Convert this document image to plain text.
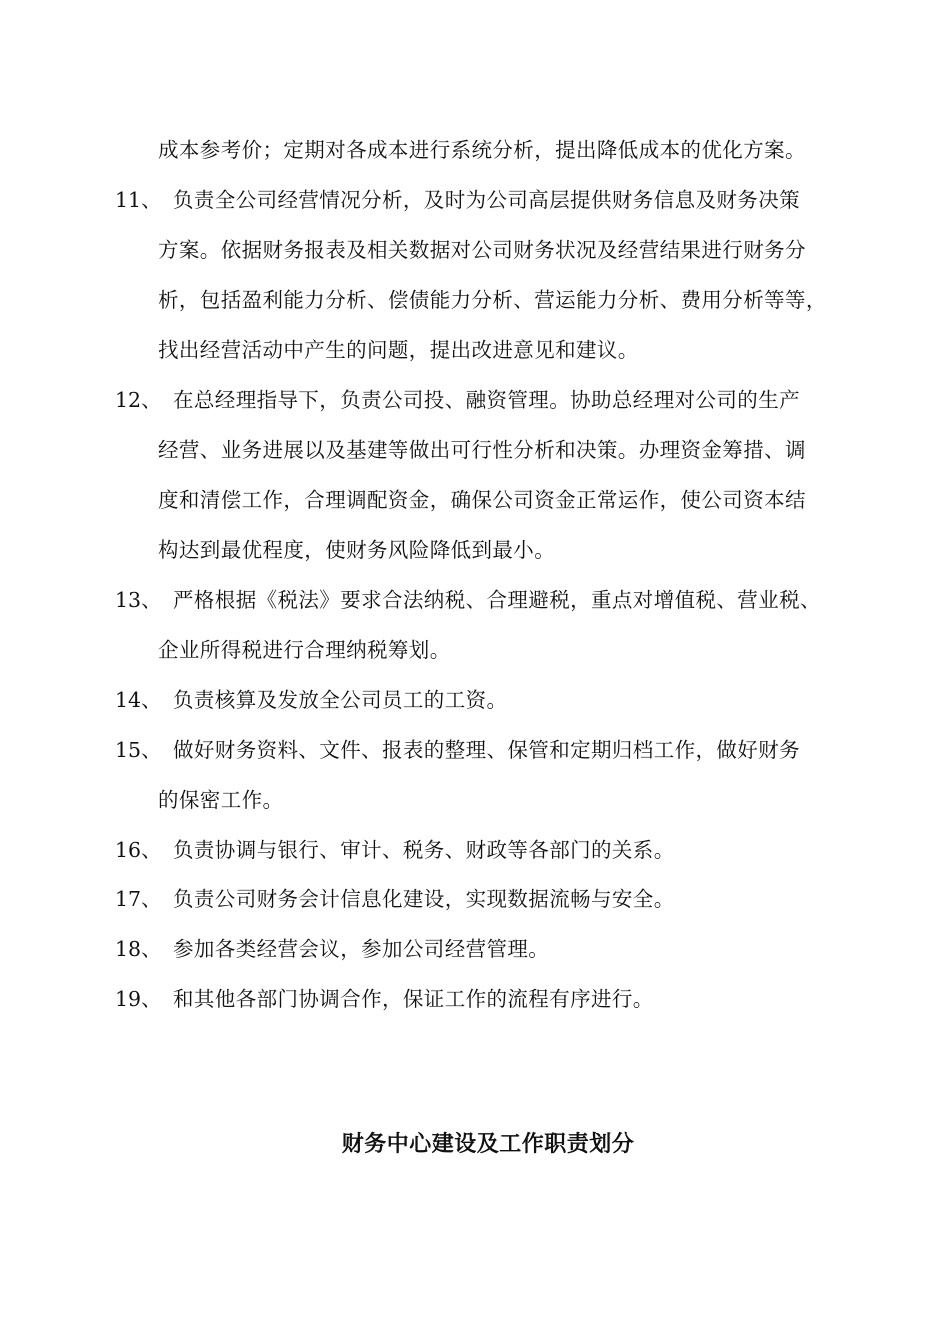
成本参考价；定期对各成本进行系统分析，提出降低成本的优化方案。
11、 负责全公司经营情况分析，及时为公司高层提供财务信息及财务决策
方案。依据财务报表及相关数据对公司财务状况及经营结果进行财务分
析，包括盈利能力分析、偿债能力分析、营运能力分析、费用分析等等，
找出经营活动中产生的问题，提出改进意见和建议。
12、 在总经理指导下，负责公司投、融资管理。协助总经理对公司的生产
经营、业务进展以及基建等做出可行性分析和决策。办理资金筹措、调
度和清偿工作，合理调配资金，确保公司资金正常运作，使公司资本结
构达到最优程度，使财务风险降低到最小。
13、 严格根据《税法》要求合法纳税、合理避税，重点对增值税、营业税、
企业所得税进行合理纳税筹划。
14、 负责核算及发放全公司员工的工资。
15、 做好财务资料、文件、报表的整理、保管和定期归档工作，做好财务
的保密工作。
16、 负责协调与银行、审计、税务、财政等各部门的关系。
17、 负责公司财务会计信息化建设，实现数据流畅与安全。
18、 参加各类经营会议，参加公司经营管理。
19、 和其他各部门协调合作，保证工作的流程有序进行。
财务中心建设及工作职责划分
